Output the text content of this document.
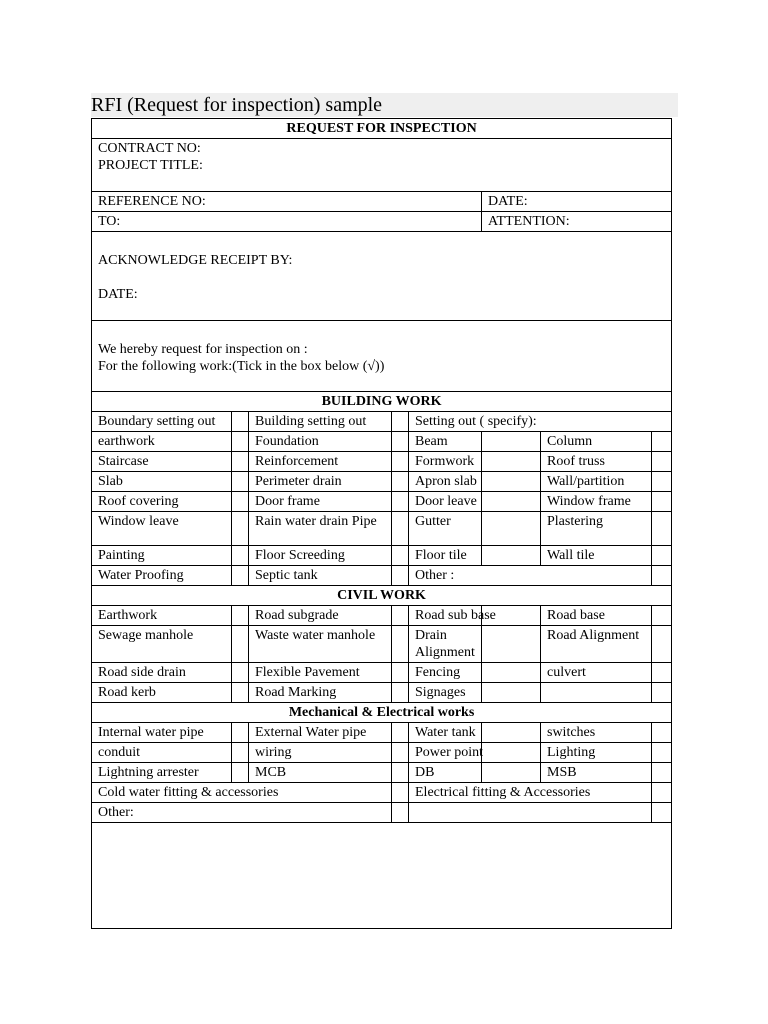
RFI (Request for inspection) sample
REQUEST FOR INSPECTION							

CONTRACT NO:
PROJECT TITLE:							

REFERENCE NO:					DATE:		
TO:					ATTENTION:		

ACKNOWLEDGE RECEIPT BY:
DATE:							

We hereby request for inspection on :
For the following work:(Tick in the box below (√))							

BUILDING WORK							
Boundary setting out		Building setting out		Setting out ( specify):			
earthwork		Foundation		Beam		Column	
Staircase		Reinforcement		Formwork		Roof truss	
Slab		Perimeter drain		Apron slab		Wall/partition	
Roof covering		Door frame		Door leave		Window frame	
Window leave		Rain water drain Pipe		Gutter		Plastering	
Painting		Floor Screeding		Floor tile		Wall tile	
Water Proofing		Septic tank		Other :			
CIVIL WORK							
Earthwork		Road subgrade		Road sub base		Road base	
Sewage manhole		Waste water manhole		Drain Alignment		Road Alignment	
Road side drain		Flexible Pavement		Fencing		culvert	
Road kerb		Road Marking		Signages			
Mechanical & Electrical works							
Internal water pipe		External Water pipe		Water tank		switches	
conduit		wiring		Power point		Lighting	
Lightning arrester		MCB		DB		MSB	
Cold water fitting & accessories				Electrical fitting & Accessories			
Other:							
